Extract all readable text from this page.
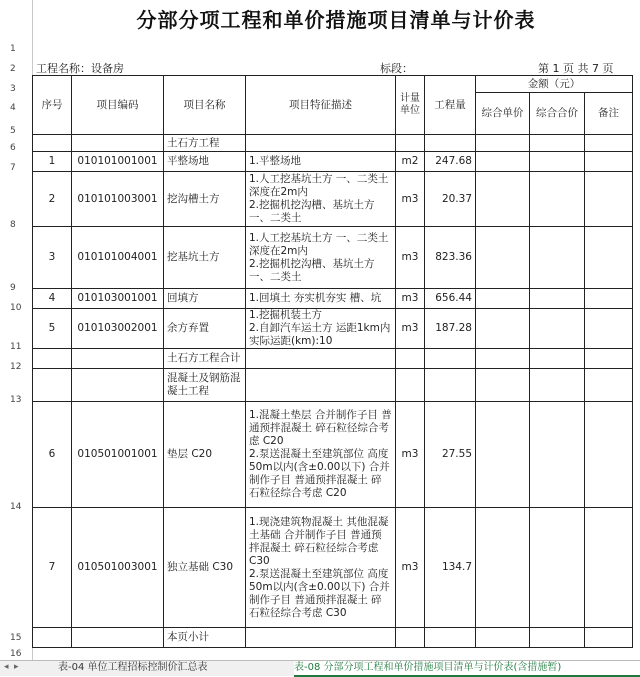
1
2
3
4
5
6
7
8
9
10
11
12
13
14
15
16
分部分项工程和单价措施项目清单与计价表
工程名称：设备房	标段：	第 1 页 共 7 页
序号	项目编码	项目名称	项目特征描述	计量单位	工程量	金额（元）		
						综合单价	综合合价	备注

		土石方工程						
1	010101001001	平整场地	1.平整场地	m2	247.68			
2	010101003001	挖沟槽土方	1.人工挖基坑土方 一、二类土 深度在2m内
2.挖掘机挖沟槽、基坑土方 一、二类土	m3	20.37			
3	010101004001	挖基坑土方	1.人工挖基坑土方 一、二类土 深度在2m内
2.挖掘机挖沟槽、基坑土方 一、二类土	m3	823.36			
4	010103001001	回填方	1.回填土 夯实机夯实 槽、坑	m3	656.44			
5	010103002001	余方弃置	1.挖掘机装土方
2.自卸汽车运土方 运距1km内 实际运距(km):10	m3	187.28			
		土石方工程合计						
		混凝土及钢筋混凝土工程						
6	010501001001	垫层 C20	1.混凝土垫层 合并制作子目 普通预拌混凝土 碎石粒径综合考虑 C20
2.泵送混凝土至建筑部位 高度50m以内(含±0.00以下) 合并制作子目 普通预拌混凝土 碎石粒径综合考虑 C20	m3	27.55			
7	010501003001	独立基础 C30	1.现浇建筑物混凝土 其他混凝土基础 合并制作子目 普通预拌混凝土 碎石粒径综合考虑 C30
2.泵送混凝土至建筑部位 高度50m以内(含±0.00以下) 合并制作子目 普通预拌混凝土 碎石粒径综合考虑 C30	m3	134.7			
		本页小计						
◂ ▸	表-04 单位工程招标控制价汇总表	表-08 分部分项工程和单价措施项目清单与计价表(含措施暂)
